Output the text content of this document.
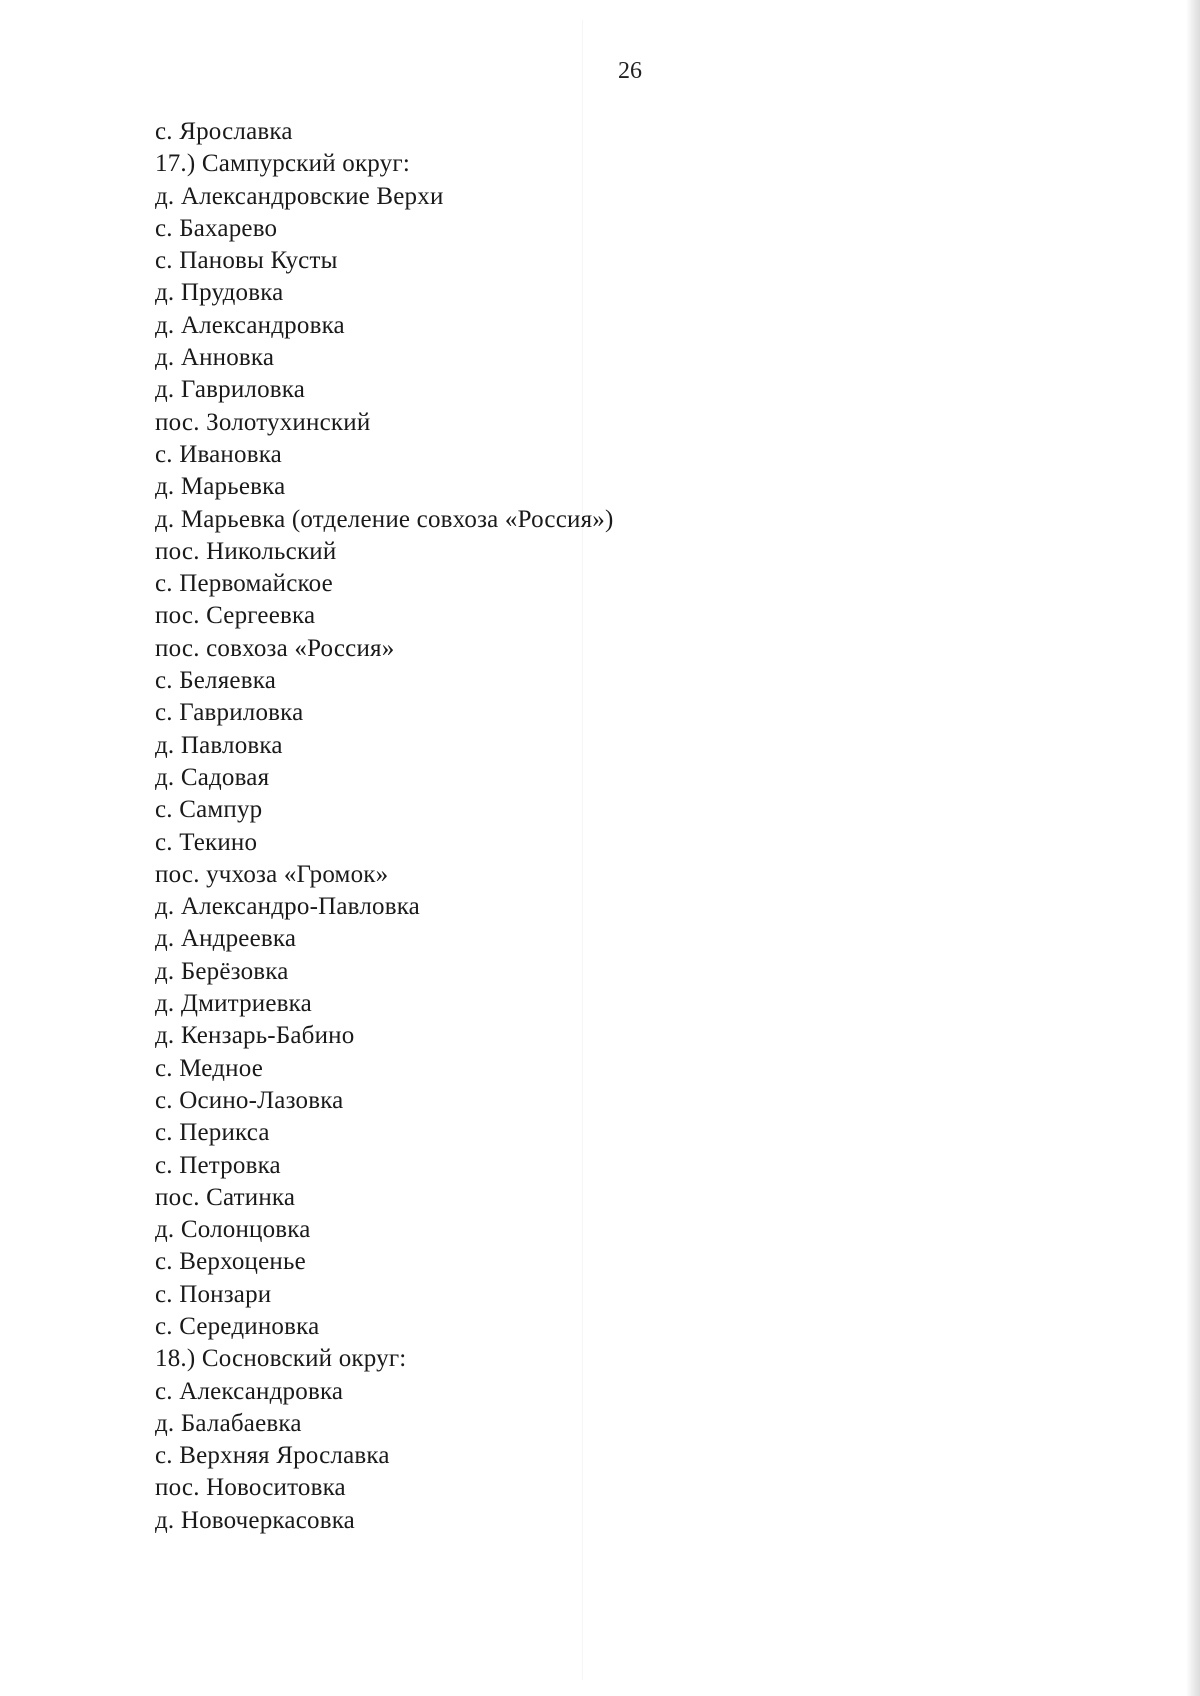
26
с. Ярославка
17.) Сампурский округ:
д. Александровские Верхи
с. Бахарево
с. Пановы Кусты
д. Прудовка
д. Александровка
д. Анновка
д. Гавриловка
пос. Золотухинский
с. Ивановка
д. Марьевка
д. Марьевка (отделение совхоза «Россия»)
пос. Никольский
с. Первомайское
пос. Сергеевка
пос. совхоза «Россия»
с. Беляевка
с. Гавриловка
д. Павловка
д. Садовая
с. Сампур
с. Текино
пос. учхоза «Громок»
д. Александро-Павловка
д. Андреевка
д. Берёзовка
д. Дмитриевка
д. Кензарь-Бабино
с. Медное
с. Осино-Лазовка
с. Перикса
с. Петровка
пос. Сатинка
д. Солонцовка
с. Верхоценье
с. Понзари
с. Серединовка
18.) Сосновский округ:
с. Александровка
д. Балабаевка
с. Верхняя Ярославка
пос. Новоситовка
д. Новочеркасовка
